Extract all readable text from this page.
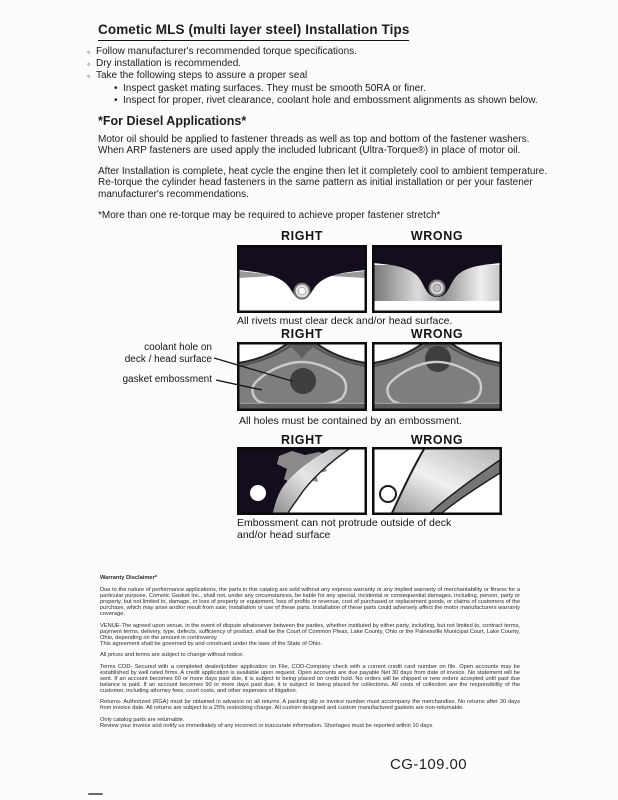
Cometic MLS (multi layer steel) Installation Tips
◦ Follow manufacturer's recommended torque specifications.
◦ Dry installation is recommended.
◦ Take the following steps to assure a proper seal
• Inspect gasket mating surfaces. They must be smooth 50RA or finer.
• Inspect for proper, rivet clearance, coolant hole and embossment alignments as shown below.
*For Diesel Applications*

Motor oil should be applied to fastener threads as well as top and bottom of the fastener washers. When ARP fasteners are used apply the included lubricant (Ultra-Torque®) in place of motor oil.

After Installation is complete, heat cycle the engine then let it completely cool to ambient temperature. Re-torque the cylinder head fasteners in the same pattern as initial installation or per your fastener manufacturer's recommendations.

*More than one re-torque may be required to achieve proper fastener stretch*

RIGHT	WRONG
All rivets must clear deck and/or head surface.
RIGHT	WRONG
coolant hole on
deck / head surface
gasket embossment
All holes must be contained by an embossment.
RIGHT	WRONG
Embossment can not protrude outside of deck
and/or head surface

Warranty Disclaimer*

Due to the nature of performance applications, the parts in this catalog are sold without any express warranty or any implied warranty of merchantability or fitness for a particular purpose. Cometic Gasket Inc., shall not, under any circumstances, be liable for any special, incidental or consequential damages, including, person, party or property, but not limited to, damage, or loss of property or equipment, loss of profits or revenue, cost of purchased or replacement goods, or claims of customers of the purchase, which may arise and/or result from sale, installation or use of these parts. Installation of these parts could adversely affect the motor manufacturers warranty coverage.

VENUE-The agreed upon venue, in the event of dispute whatsoever between the parties, whether instituted by either party, including, but not limited to, contract terms, payment terms, delivery, type, defects, sufficiency of product, shall be the Court of Common Pleas, Lake County, Ohio or the Painesville Municipal Court, Lake County, Ohio, depending on the amount in controversy.

This agreement shall be governed by and construed under the laws of the State of Ohio.

All prices and terms are subject to change without notice.

Terms COD- Secured with a completed dealer/jobber application on File, COD-Company check with a current credit card number on file. Open accounts may be established by well rated firms. A credit application is available upon request. Open accounts are due payable Net 30 days from date of invoice. No statement will be sent. If an account becomes 60 or more days past due, it is subject to being placed on credit hold. No orders will be shipped or new orders accepted until past due balance is paid. If an account becomes 90 or more days past due, it is subject to being placed for collections. All costs of collection are the responsibility of the customer, including attorney fees, court costs, and other expenses of litigation.

Returns- Authorized (RGA) must be obtained in advance on all returns. A packing slip or invoice number must accompany the merchandise. No returns after 30 days from invoice date. All returns are subject to a 25% restocking charge. All custom designed and custom manufactured gaskets are non-returnable.

Only catalog parts are returnable.

Review your invoice and notify us immediately of any incorrect or inaccurate information. Shortages must be reported within 10 days.

CG-109.00
